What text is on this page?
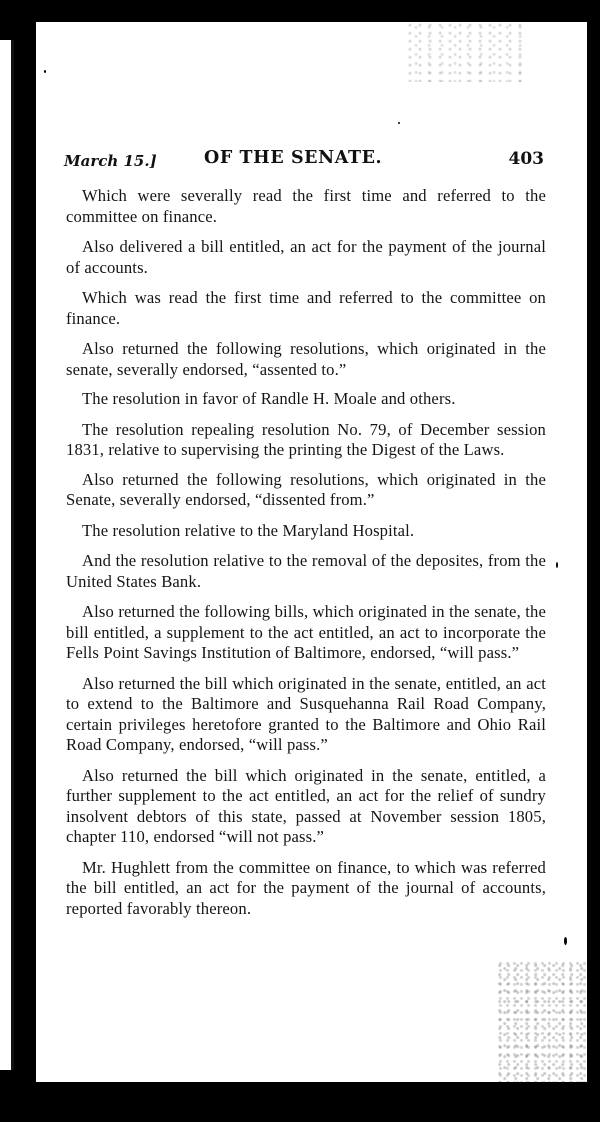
March 15.]	OF THE SENATE.	403

Which were severally read the first time and referred to the committee on finance.

Also delivered a bill entitled, an act for the payment of the journal of accounts.

Which was read the first time and referred to the committee on finance.

Also returned the following resolutions, which originated in the senate, severally endorsed, “assented to.”

The resolution in favor of Randle H. Moale and others.

The resolution repealing resolution No. 79, of December session 1831, relative to supervising the printing the Digest of the Laws.

Also returned the following resolutions, which originated in the Senate, severally endorsed, “dissented from.”

The resolution relative to the Maryland Hospital.

And the resolution relative to the removal of the deposites, from the United States Bank.

Also returned the following bills, which originated in the senate, the bill entitled, a supplement to the act entitled, an act to incorporate the Fells Point Savings Institution of Baltimore, endorsed, “will pass.”

Also returned the bill which originated in the senate, entitled, an act to extend to the Baltimore and Susquehanna Rail Road Company, certain privileges heretofore granted to the Baltimore and Ohio Rail Road Company, endorsed, “will pass.”

Also returned the bill which originated in the senate, entitled, a further supplement to the act entitled, an act for the relief of sundry insolvent debtors of this state, passed at November session 1805, chapter 110, endorsed “will not pass.”

Mr. Hughlett from the committee on finance, to which was referred the bill entitled, an act for the payment of the journal of accounts, reported favorably thereon.
